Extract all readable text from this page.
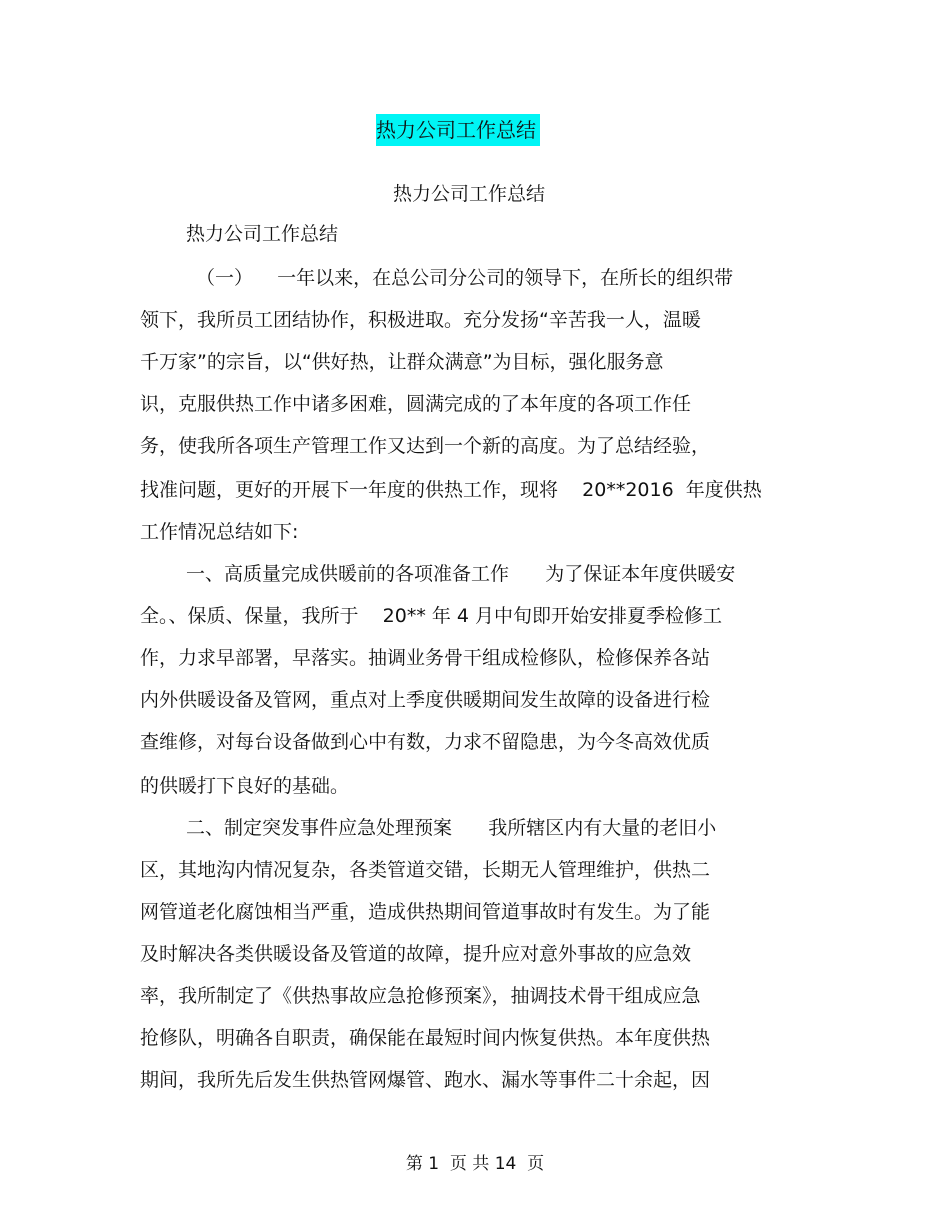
热力公司工作总结
热力公司工作总结
热力公司工作总结
（一）    一年以来，在总公司分公司的领导下，在所长的组织带
领下，我所员工团结协作，积极进取。充分发扬“辛苦我一人，温暖
千万家”的宗旨，以“供好热，让群众满意”为目标，强化服务意
识，克服供热工作中诸多困难，圆满完成的了本年度的各项工作任
务，使我所各项生产管理工作又达到一个新的高度。为了总结经验，
找准问题，更好的开展下一年度的供热工作，现将    20**2016  年度供热
工作情况总结如下:
一、高质量完成供暖前的各项准备工作      为了保证本年度供暖安
全。、保质、保量，我所于    20** 年 4 月中旬即开始安排夏季检修工
作，力求早部署，早落实。抽调业务骨干组成检修队，检修保养各站
内外供暖设备及管网，重点对上季度供暖期间发生故障的设备进行检
查维修，对每台设备做到心中有数，力求不留隐患，为今冬高效优质
的供暖打下良好的基础。
二、制定突发事件应急处理预案      我所辖区内有大量的老旧小
区，其地沟内情况复杂，各类管道交错，长期无人管理维护，供热二
网管道老化腐蚀相当严重，造成供热期间管道事故时有发生。为了能
及时解决各类供暖设备及管道的故障，提升应对意外事故的应急效
率，我所制定了《供热事故应急抢修预案》，抽调技术骨干组成应急
抢修队，明确各自职责，确保能在最短时间内恢复供热。本年度供热
期间，我所先后发生供热管网爆管、跑水、漏水等事件二十余起，因
第 1  页 共 14  页
